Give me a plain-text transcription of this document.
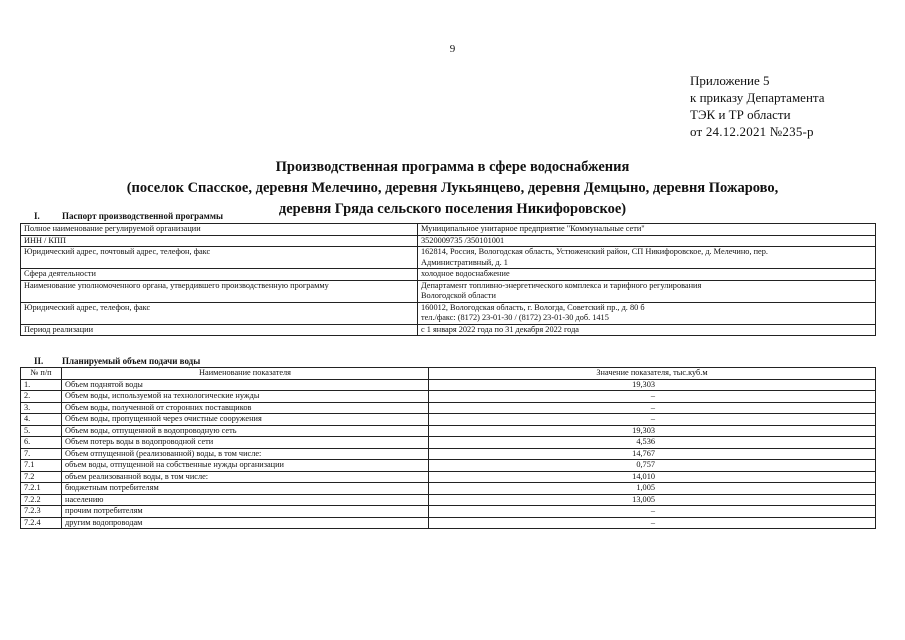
9
Приложение 5
к приказу Департамента
ТЭК и ТР области
от 24.12.2021 №235-р
Производственная программа в сфере водоснабжения
(поселок Спасское, деревня Мелечино, деревня Лукьянцево, деревня Демцыно, деревня Пожарово,
деревня Гряда сельского поселения Никифоровское)
I. Паспорт производственной программы
Полное наименование регулируемой организации	Муниципальное унитарное предприятие "Коммунальные сети"

ИНН / КПП	3520009735 /350101001

Юридический адрес, почтовый адрес, телефон, факс	162814, Россия, Вологодская область, Устюженский район, СП Никифоровское, д. Мелечино, пер.
Административный, д. 1

Сфера деятельности	холодное водоснабжение

Наименование уполномоченного органа, утвердившего производственную программу	Департамент топливно-энергетического комплекса и тарифного регулирования
Вологодской области

Юридический адрес, телефон, факс	160012, Вологодская область, г. Вологда, Советский пр., д. 80 б
тел./факс: (8172) 23-01-30 / (8172) 23-01-30 доб. 1415

Период реализации	с 1 января 2022 года по 31 декабря 2022 года
II. Планируемый объем подачи воды
№ п/п	Наименование показателя	Значение показателя, тыс.куб.м
1.	Объем поднятой воды	19,303
2.	Объем воды, используемой на технологические нужды	–
3.	Объем воды, полученной от сторонних поставщиков	–
4.	Объем воды, пропущенной через очистные сооружения	–
5.	Объем воды, отпущенной в водопроводную сеть	19,303
6.	Объем потерь воды в водопроводной сети	4,536
7.	Объем отпущенной (реализованной) воды, в том числе:	14,767
7.1	объем воды, отпущенной на собственные нужды организации	0,757
7.2	объем реализованной воды, в том числе:	14,010
7.2.1	бюджетным потребителям	1,005
7.2.2	населению	13,005
7.2.3	прочим потребителям	–
7.2.4	другим водопроводам	–
